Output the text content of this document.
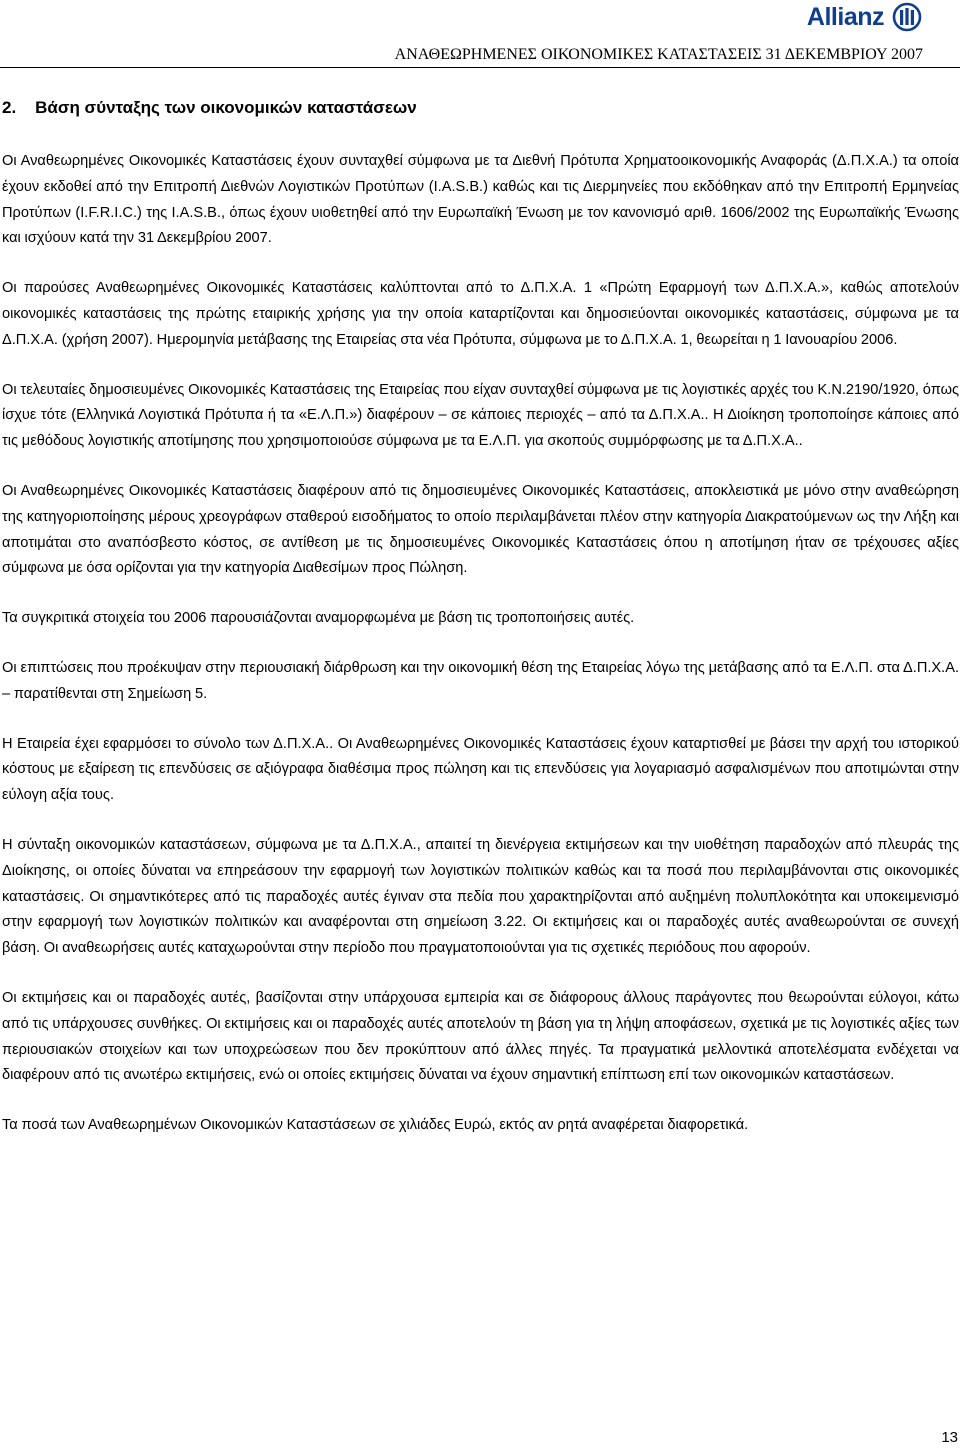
Allianz
ΑΝΑΘΕΩΡΗΜΕΝΕΣ ΟΙΚΟΝΟΜΙΚΕΣ ΚΑΤΑΣΤΑΣΕΙΣ 31 ΔΕΚΕΜΒΡΙΟΥ 2007
2. Βάση σύνταξης των οικονομικών καταστάσεων

Οι Αναθεωρημένες Οικονομικές Καταστάσεις έχουν συνταχθεί σύμφωνα με τα Διεθνή Πρότυπα Χρηματοοικονομικής Αναφοράς (Δ.Π.Χ.Α.) τα οποία έχουν εκδοθεί από την Επιτροπή Διεθνών Λογιστικών Προτύπων (I.A.S.B.) καθώς και τις Διερμηνείες που εκδόθηκαν από την Επιτροπή Ερμηνείας Προτύπων (I.F.R.I.C.) της I.A.S.B., όπως έχουν υιοθετηθεί από την Ευρωπαϊκή Ένωση με τον κανονισμό αριθ. 1606/2002 της Ευρωπαϊκής Ένωσης και ισχύουν κατά την 31 Δεκεμβρίου 2007.

Οι παρούσες Αναθεωρημένες Οικονομικές Καταστάσεις καλύπτονται από το Δ.Π.Χ.Α. 1 «Πρώτη Εφαρμογή των Δ.Π.Χ.Α.», καθώς αποτελούν οικονομικές καταστάσεις της πρώτης εταιρικής χρήσης για την οποία καταρτίζονται και δημοσιεύονται οικονομικές καταστάσεις, σύμφωνα με τα Δ.Π.Χ.Α. (χρήση 2007). Ημερομηνία μετάβασης της Εταιρείας στα νέα Πρότυπα, σύμφωνα με το Δ.Π.Χ.Α. 1, θεωρείται η 1 Ιανουαρίου 2006.

Οι τελευταίες δημοσιευμένες Οικονομικές Καταστάσεις της Εταιρείας που είχαν συνταχθεί σύμφωνα με τις λογιστικές αρχές του Κ.Ν.2190/1920, όπως ίσχυε τότε (Ελληνικά Λογιστικά Πρότυπα ή τα «Ε.Λ.Π.») διαφέρουν – σε κάποιες περιοχές – από τα Δ.Π.Χ.Α.. Η Διοίκηση τροποποίησε κάποιες από τις μεθόδους λογιστικής αποτίμησης που χρησιμοποιούσε σύμφωνα με τα Ε.Λ.Π. για σκοπούς συμμόρφωσης με τα Δ.Π.Χ.Α..

Οι Αναθεωρημένες Οικονομικές Καταστάσεις διαφέρουν από τις δημοσιευμένες Οικονομικές Καταστάσεις, αποκλειστικά με μόνο στην αναθεώρηση της κατηγοριοποίησης μέρους χρεογράφων σταθερού εισοδήματος το οποίο περιλαμβάνεται πλέον στην κατηγορία Διακρατούμενων ως την Λήξη και αποτιμάται στο αναπόσβεστο κόστος, σε αντίθεση με τις δημοσιευμένες Οικονομικές Καταστάσεις όπου η αποτίμηση ήταν σε τρέχουσες αξίες σύμφωνα με όσα ορίζονται για την κατηγορία Διαθεσίμων προς Πώληση.

Τα συγκριτικά στοιχεία του 2006 παρουσιάζονται αναμορφωμένα με βάση τις τροποποιήσεις αυτές.

Οι επιπτώσεις που προέκυψαν στην περιουσιακή διάρθρωση και την οικονομική θέση της Εταιρείας λόγω της μετάβασης από τα Ε.Λ.Π. στα Δ.Π.Χ.Α. – παρατίθενται στη Σημείωση 5.

Η Εταιρεία έχει εφαρμόσει το σύνολο των Δ.Π.Χ.Α.. Οι Αναθεωρημένες Οικονομικές Καταστάσεις έχουν καταρτισθεί με βάσει την αρχή του ιστορικού κόστους με εξαίρεση τις επενδύσεις σε αξιόγραφα διαθέσιμα προς πώληση και τις επενδύσεις για λογαριασμό ασφαλισμένων που αποτιμώνται στην εύλογη αξία τους.

Η σύνταξη οικονομικών καταστάσεων, σύμφωνα με τα Δ.Π.Χ.Α., απαιτεί τη διενέργεια εκτιμήσεων και την υιοθέτηση παραδοχών από πλευράς της Διοίκησης, οι οποίες δύναται να επηρεάσουν την εφαρμογή των λογιστικών πολιτικών καθώς και τα ποσά που περιλαμβάνονται στις οικονομικές καταστάσεις. Οι σημαντικότερες από τις παραδοχές αυτές έγιναν στα πεδία που χαρακτηρίζονται από αυξημένη πολυπλοκότητα και υποκειμενισμό στην εφαρμογή των λογιστικών πολιτικών και αναφέρονται στη σημείωση 3.22. Οι εκτιμήσεις και οι παραδοχές αυτές αναθεωρούνται σε συνεχή βάση. Οι αναθεωρήσεις αυτές καταχωρούνται στην περίοδο που πραγματοποιούνται για τις σχετικές περιόδους που αφορούν.

Οι εκτιμήσεις και οι παραδοχές αυτές, βασίζονται στην υπάρχουσα εμπειρία και σε διάφορους άλλους παράγοντες που θεωρούνται εύλογοι, κάτω από τις υπάρχουσες συνθήκες. Οι εκτιμήσεις και οι παραδοχές αυτές αποτελούν τη βάση για τη λήψη αποφάσεων, σχετικά με τις λογιστικές αξίες των περιουσιακών στοιχείων και των υποχρεώσεων που δεν προκύπτουν από άλλες πηγές. Τα πραγματικά μελλοντικά αποτελέσματα ενδέχεται να διαφέρουν από τις ανωτέρω εκτιμήσεις, ενώ οι οποίες εκτιμήσεις δύναται να έχουν σημαντική επίπτωση επί των οικονομικών καταστάσεων.

Τα ποσά των Αναθεωρημένων Οικονομικών Καταστάσεων σε χιλιάδες Ευρώ, εκτός αν ρητά αναφέρεται διαφορετικά.

13
